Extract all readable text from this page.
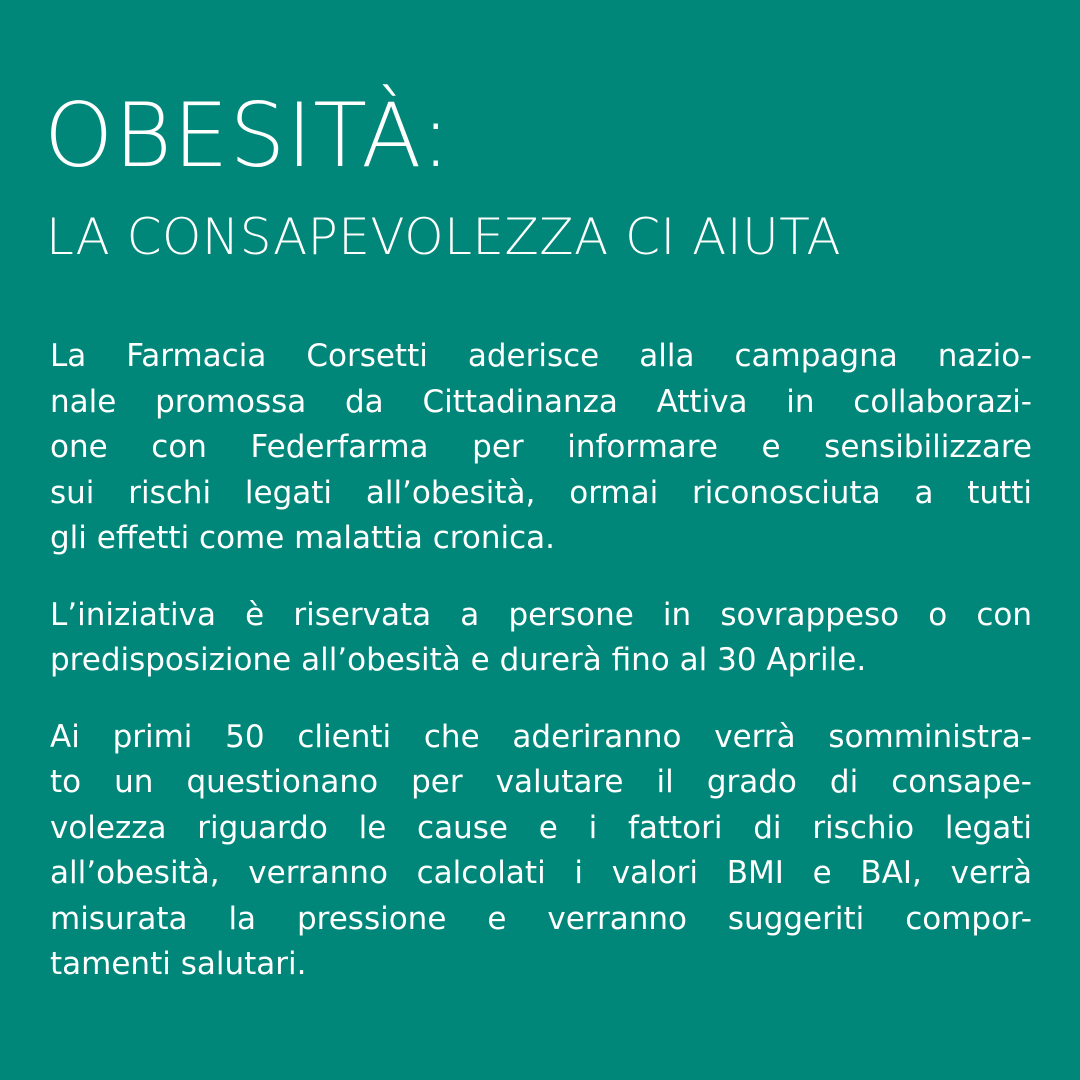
OBESITÀ:
LA CONSAPEVOLEZZA CI AIUTA

La Farmacia Corsetti aderisce alla campagna nazio-
nale promossa da Cittadinanza Attiva in collaborazi-
one con Federfarma per informare e sensibilizzare
sui rischi legati all’obesità, ormai riconosciuta a tutti
gli effetti come malattia cronica.

L’iniziativa è riservata a persone in sovrappeso o con
predisposizione all’obesità e durerà fino al 30 Aprile.

Ai primi 50 clienti che aderiranno verrà somministra-
to un questionano per valutare il grado di consape-
volezza riguardo le cause e i fattori di rischio legati
all’obesità, verranno calcolati i valori BMI e BAI, verrà
misurata la pressione e verranno suggeriti compor-
tamenti salutari.
